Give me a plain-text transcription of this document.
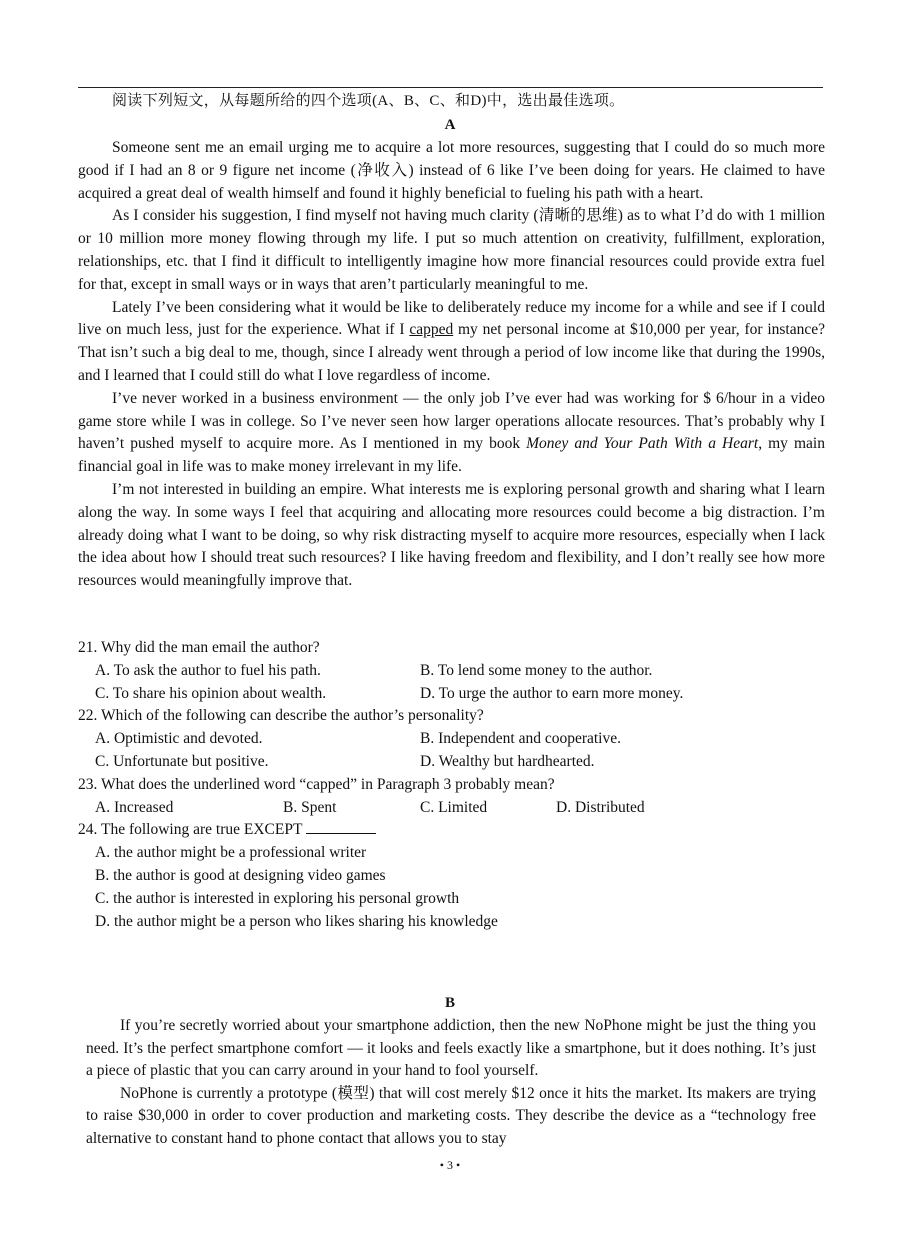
阅读下列短文，从每题所给的四个选项(A、B、C、和D)中，选出最佳选项。
A

Someone sent me an email urging me to acquire a lot more resources, suggesting that I could do so much more good if I had an 8 or 9 figure net income (净收入) instead of 6 like I’ve been doing for years. He claimed to have acquired a great deal of wealth himself and found it highly beneficial to fueling his path with a heart.

As I consider his suggestion, I find myself not having much clarity (清晰的思维) as to what I’d do with 1 million or 10 million more money flowing through my life. I put so much attention on creativity, fulfillment, exploration, relationships, etc. that I find it difficult to intelligently imagine how more financial resources could provide extra fuel for that, except in small ways or in ways that aren’t particularly meaningful to me.

Lately I’ve been considering what it would be like to deliberately reduce my income for a while and see if I could live on much less, just for the experience. What if I capped my net personal income at $10,000 per year, for instance? That isn’t such a big deal to me, though, since I already went through a period of low income like that during the 1990s, and I learned that I could still do what I love regardless of income.

I’ve never worked in a business environment — the only job I’ve ever had was working for $ 6/hour in a video game store while I was in college. So I’ve never seen how larger operations allocate resources. That’s probably why I haven’t pushed myself to acquire more. As I mentioned in my book Money and Your Path With a Heart, my main financial goal in life was to make money irrelevant in my life.

I’m not interested in building an empire. What interests me is exploring personal growth and sharing what I learn along the way. In some ways I feel that acquiring and allocating more resources could become a big distraction. I’m already doing what I want to be doing, so why risk distracting myself to acquire more resources, especially when I lack the idea about how I should treat such resources? I like having freedom and flexibility, and I don’t really see how more resources would meaningfully improve that.

21. Why did the man email the author?

A. To ask the author to fuel his path.	B. To lend some money to the author.
C. To share his opinion about wealth.	D. To urge the author to earn more money.

22. Which of the following can describe the author’s personality?

A. Optimistic and devoted.	B. Independent and cooperative.
C. Unfortunate but positive.	D. Wealthy but hardhearted.

23. What does the underlined word “capped” in Paragraph 3 probably mean?

A. Increased	B. Spent	C. Limited	D. Distributed

24. The following are true EXCEPT

A. the author might be a professional writer

B. the author is good at designing video games

C. the author is interested in exploring his personal growth

D. the author might be a person who likes sharing his knowledge

B

If you’re secretly worried about your smartphone addiction, then the new NoPhone might be just the thing you need. It’s the perfect smartphone comfort — it looks and feels exactly like a smartphone, but it does nothing. It’s just a piece of plastic that you can carry around in your hand to fool yourself.

NoPhone is currently a prototype (模型) that will cost merely $12 once it hits the market. Its makers are trying to raise $30,000 in order to cover production and marketing costs. They describe the device as a “technology free alternative to constant hand to phone contact that allows you to stay

• 3 •
